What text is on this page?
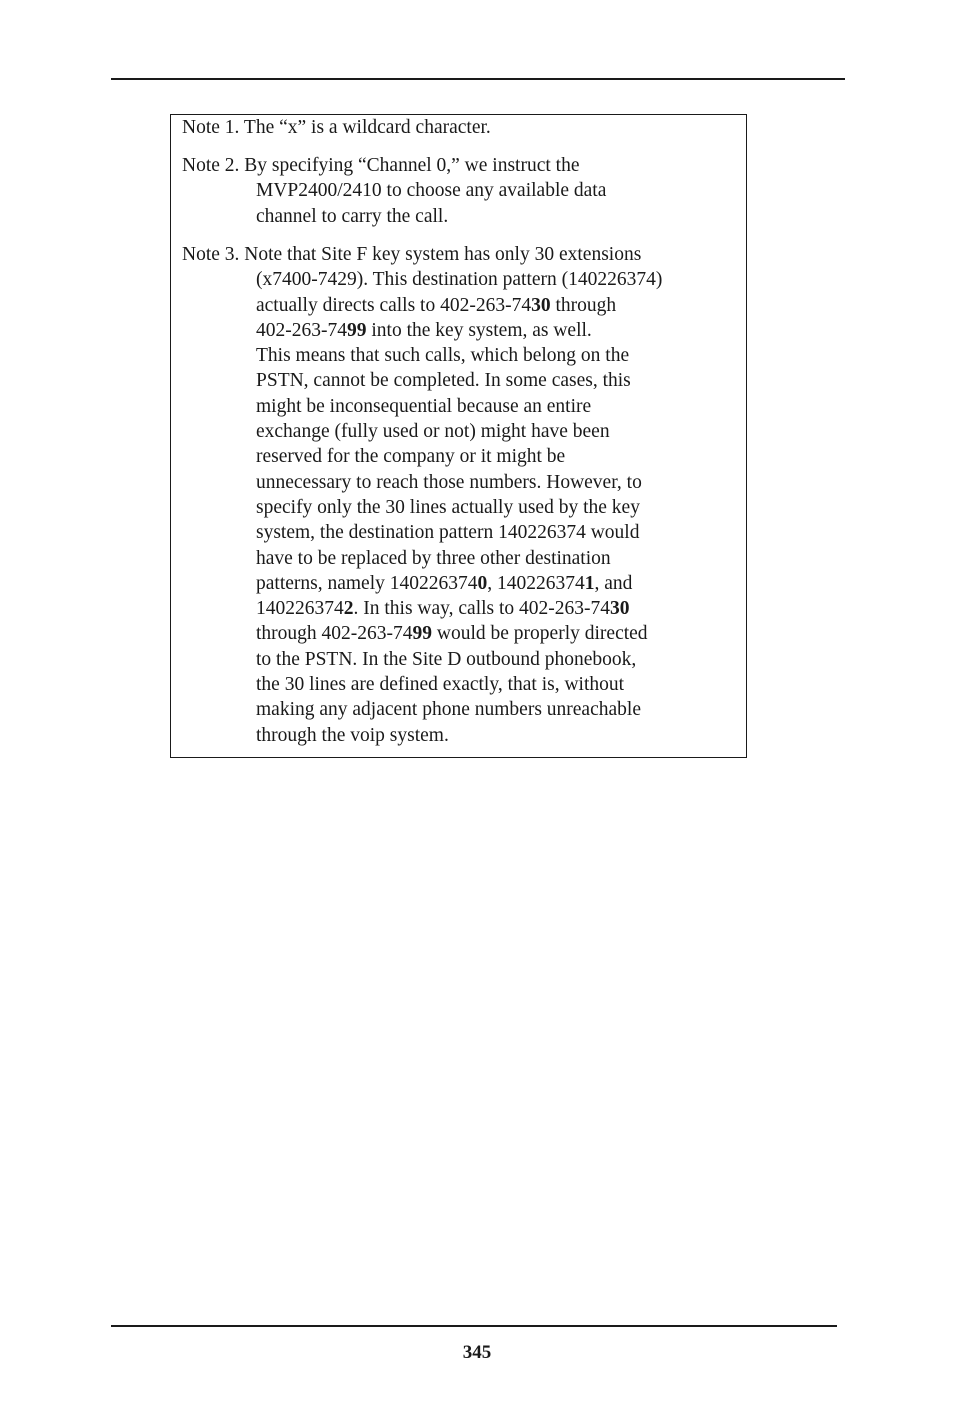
Note 1. The “x” is a wildcard character.
Note 2. By specifying “Channel 0,” we instruct the
MVP2400/2410 to choose any available data
channel to carry the call.
Note 3. Note that Site F key system has only 30 extensions
(x7400-7429). This destination pattern (140226374)
actually directs calls to 402-263-7430 through
402-263-7499 into the key system, as well.
This means that such calls, which belong on the
PSTN, cannot be completed. In some cases, this
might be inconsequential because an entire
exchange (fully used or not) might have been
reserved for the company or it might be
unnecessary to reach those numbers. However, to
specify only the 30 lines actually used by the key
system, the destination pattern 140226374 would
have to be replaced by three other destination
patterns, namely 1402263740, 1402263741, and
1402263742. In this way, calls to 402-263-7430
through 402-263-7499 would be properly directed
to the PSTN. In the Site D outbound phonebook,
the 30 lines are defined exactly, that is, without
making any adjacent phone numbers unreachable
through the voip system.
345
